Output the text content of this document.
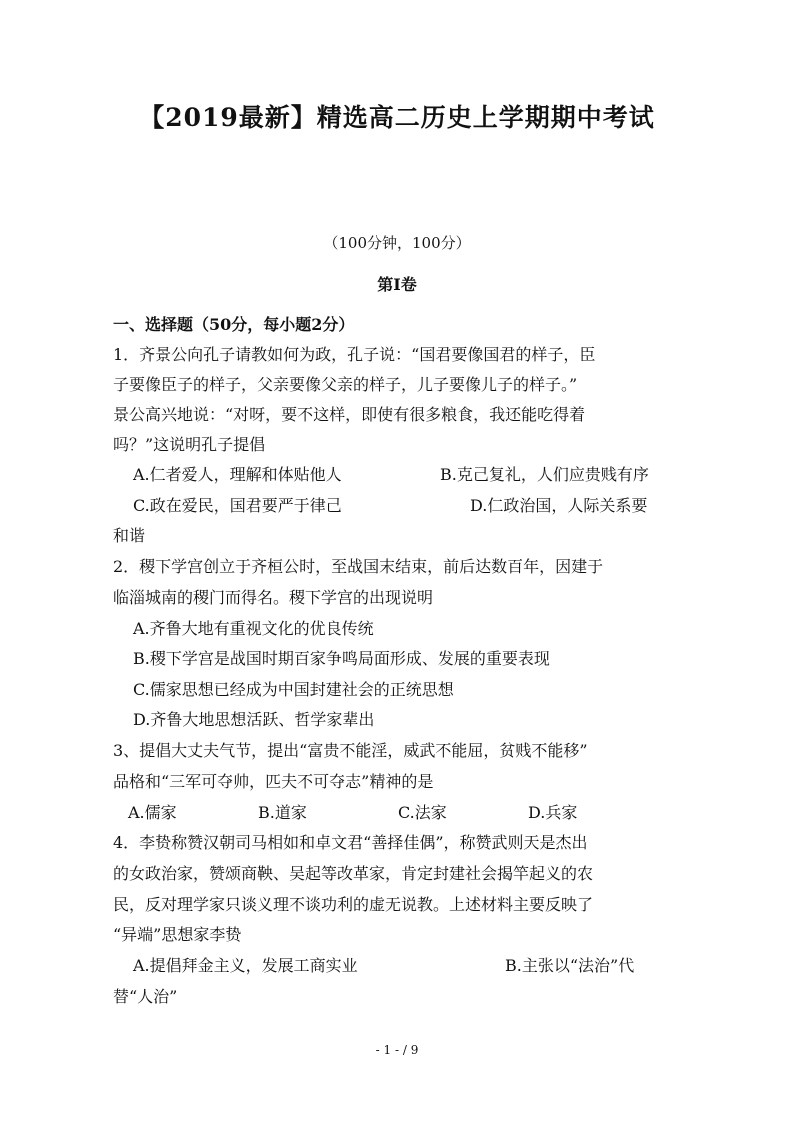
【2019最新】精选高二历史上学期期中考试
（100分钟，100分）
第I卷
一、选择题（50分，每小题2分）
1．齐景公向孔子请教如何为政，孔子说：“国君要像国君的样子，臣
子要像臣子的样子，父亲要像父亲的样子，儿子要像儿子的样子。”
景公高兴地说：“对呀，要不这样，即使有很多粮食，我还能吃得着
吗？”这说明孔子提倡
A.仁者爱人，理解和体贴他人	B.克己复礼，人们应贵贱有序
C.政在爱民，国君要严于律己	D.仁政治国，人际关系要
和谐
2．稷下学宫创立于齐桓公时，至战国末结束，前后达数百年，因建于
临淄城南的稷门而得名。稷下学宫的出现说明
A.齐鲁大地有重视文化的优良传统
B.稷下学宫是战国时期百家争鸣局面形成、发展的重要表现
C.儒家思想已经成为中国封建社会的正统思想
D.齐鲁大地思想活跃、哲学家辈出
3、提倡大丈夫气节，提出“富贵不能淫，威武不能屈，贫贱不能移”
品格和“三军可夺帅，匹夫不可夺志”精神的是
A.儒家	B.道家	C.法家	D.兵家
4．李贽称赞汉朝司马相如和卓文君“善择佳偶”，称赞武则天是杰出
的女政治家，赞颂商鞅、吴起等改革家，肯定封建社会揭竿起义的农
民，反对理学家只谈义理不谈功利的虚无说教。上述材料主要反映了
“异端”思想家李贽
A.提倡拜金主义，发展工商实业	B.主张以“法治”代
替“人治”
- 1 - / 9
